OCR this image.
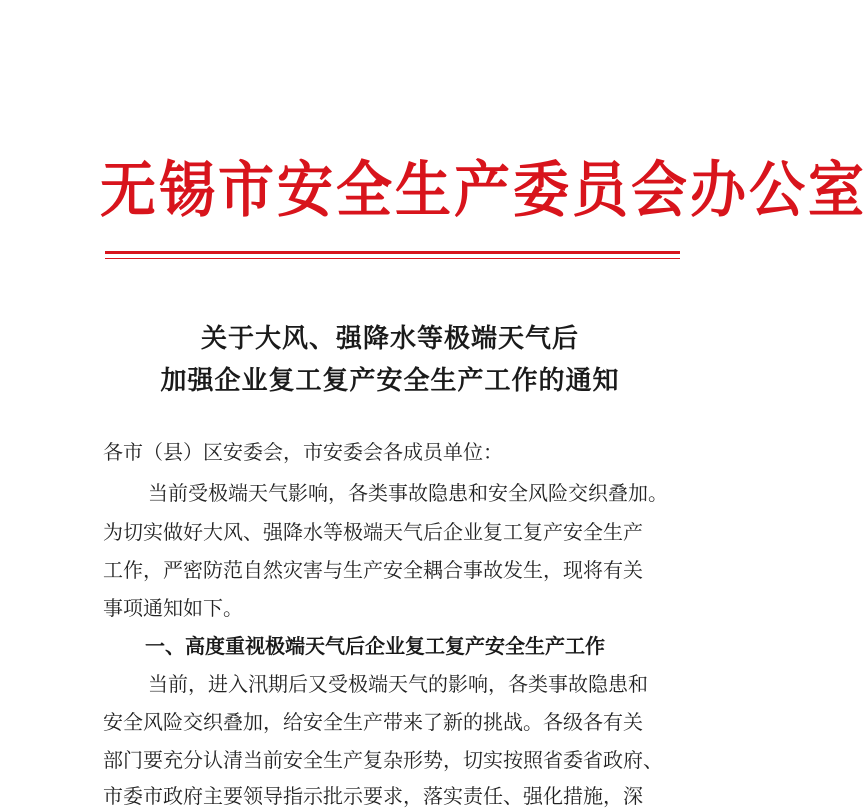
无锡市安全生产委员会办公室
关于大风、强降水等极端天气后
加强企业复工复产安全生产工作的通知
各市（县）区安委会，市安委会各成员单位：
当前受极端天气影响，各类事故隐患和安全风险交织叠加。
为切实做好大风、强降水等极端天气后企业复工复产安全生产
工作，严密防范自然灾害与生产安全耦合事故发生，现将有关
事项通知如下。
一、高度重视极端天气后企业复工复产安全生产工作
当前，进入汛期后又受极端天气的影响，各类事故隐患和
安全风险交织叠加，给安全生产带来了新的挑战。各级各有关
部门要充分认清当前安全生产复杂形势，切实按照省委省政府、
市委市政府主要领导指示批示要求，落实责任、强化措施，深
